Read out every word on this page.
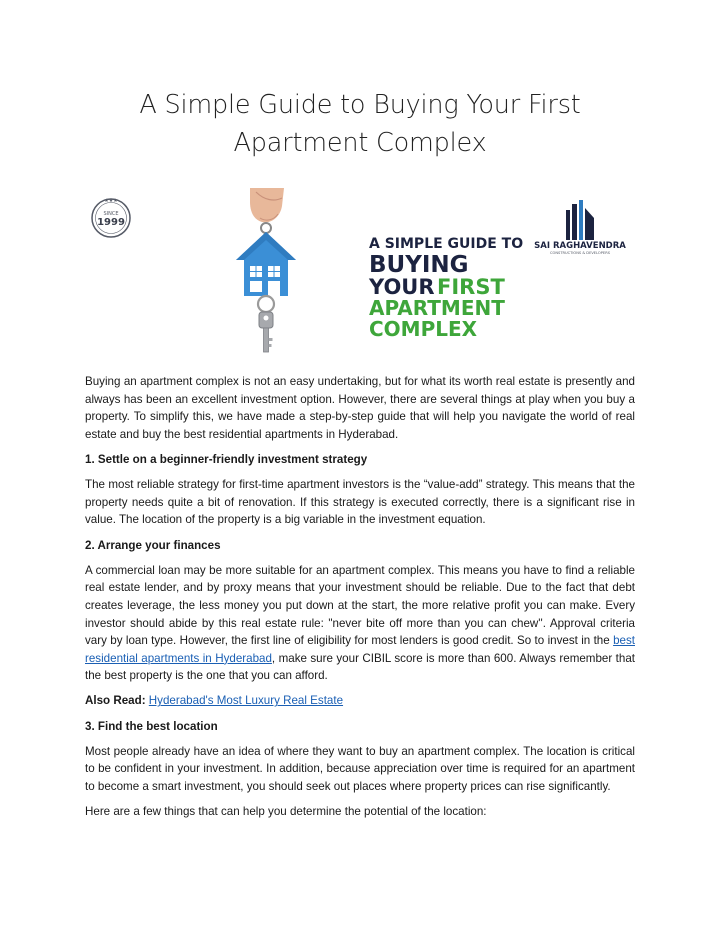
A Simple Guide to Buying Your First
Apartment Complex
★★★
SINCE
1999
A SIMPLE GUIDE TO
BUYING
YOUR FIRST
APARTMENT
COMPLEX
SAI RAGHAVENDRA
CONSTRUCTIONS & DEVELOPERS

Buying an apartment complex is not an easy undertaking, but for what its worth real estate is presently and always has been an excellent investment option. However, there are several things at play when you buy a property. To simplify this, we have made a step-by-step guide that will help you navigate the world of real estate and buy the best residential apartments in Hyderabad.

1. Settle on a beginner-friendly investment strategy

The most reliable strategy for first-time apartment investors is the “value-add” strategy. This means that the property needs quite a bit of renovation. If this strategy is executed correctly, there is a significant rise in value. The location of the property is a big variable in the investment equation.

2. Arrange your finances

A commercial loan may be more suitable for an apartment complex. This means you have to find a reliable real estate lender, and by proxy means that your investment should be reliable. Due to the fact that debt creates leverage, the less money you put down at the start, the more relative profit you can make. Every investor should abide by this real estate rule: "never bite off more than you can chew''. Approval criteria vary by loan type. However, the first line of eligibility for most lenders is good credit. So to invest in the best residential apartments in Hyderabad, make sure your CIBIL score is more than 600. Always remember that the best property is the one that you can afford.

Also Read: Hyderabad's Most Luxury Real Estate

3. Find the best location

Most people already have an idea of where they want to buy an apartment complex. The location is critical to be confident in your investment. In addition, because appreciation over time is required for an apartment to become a smart investment, you should seek out places where property prices can rise significantly.

Here are a few things that can help you determine the potential of the location:
